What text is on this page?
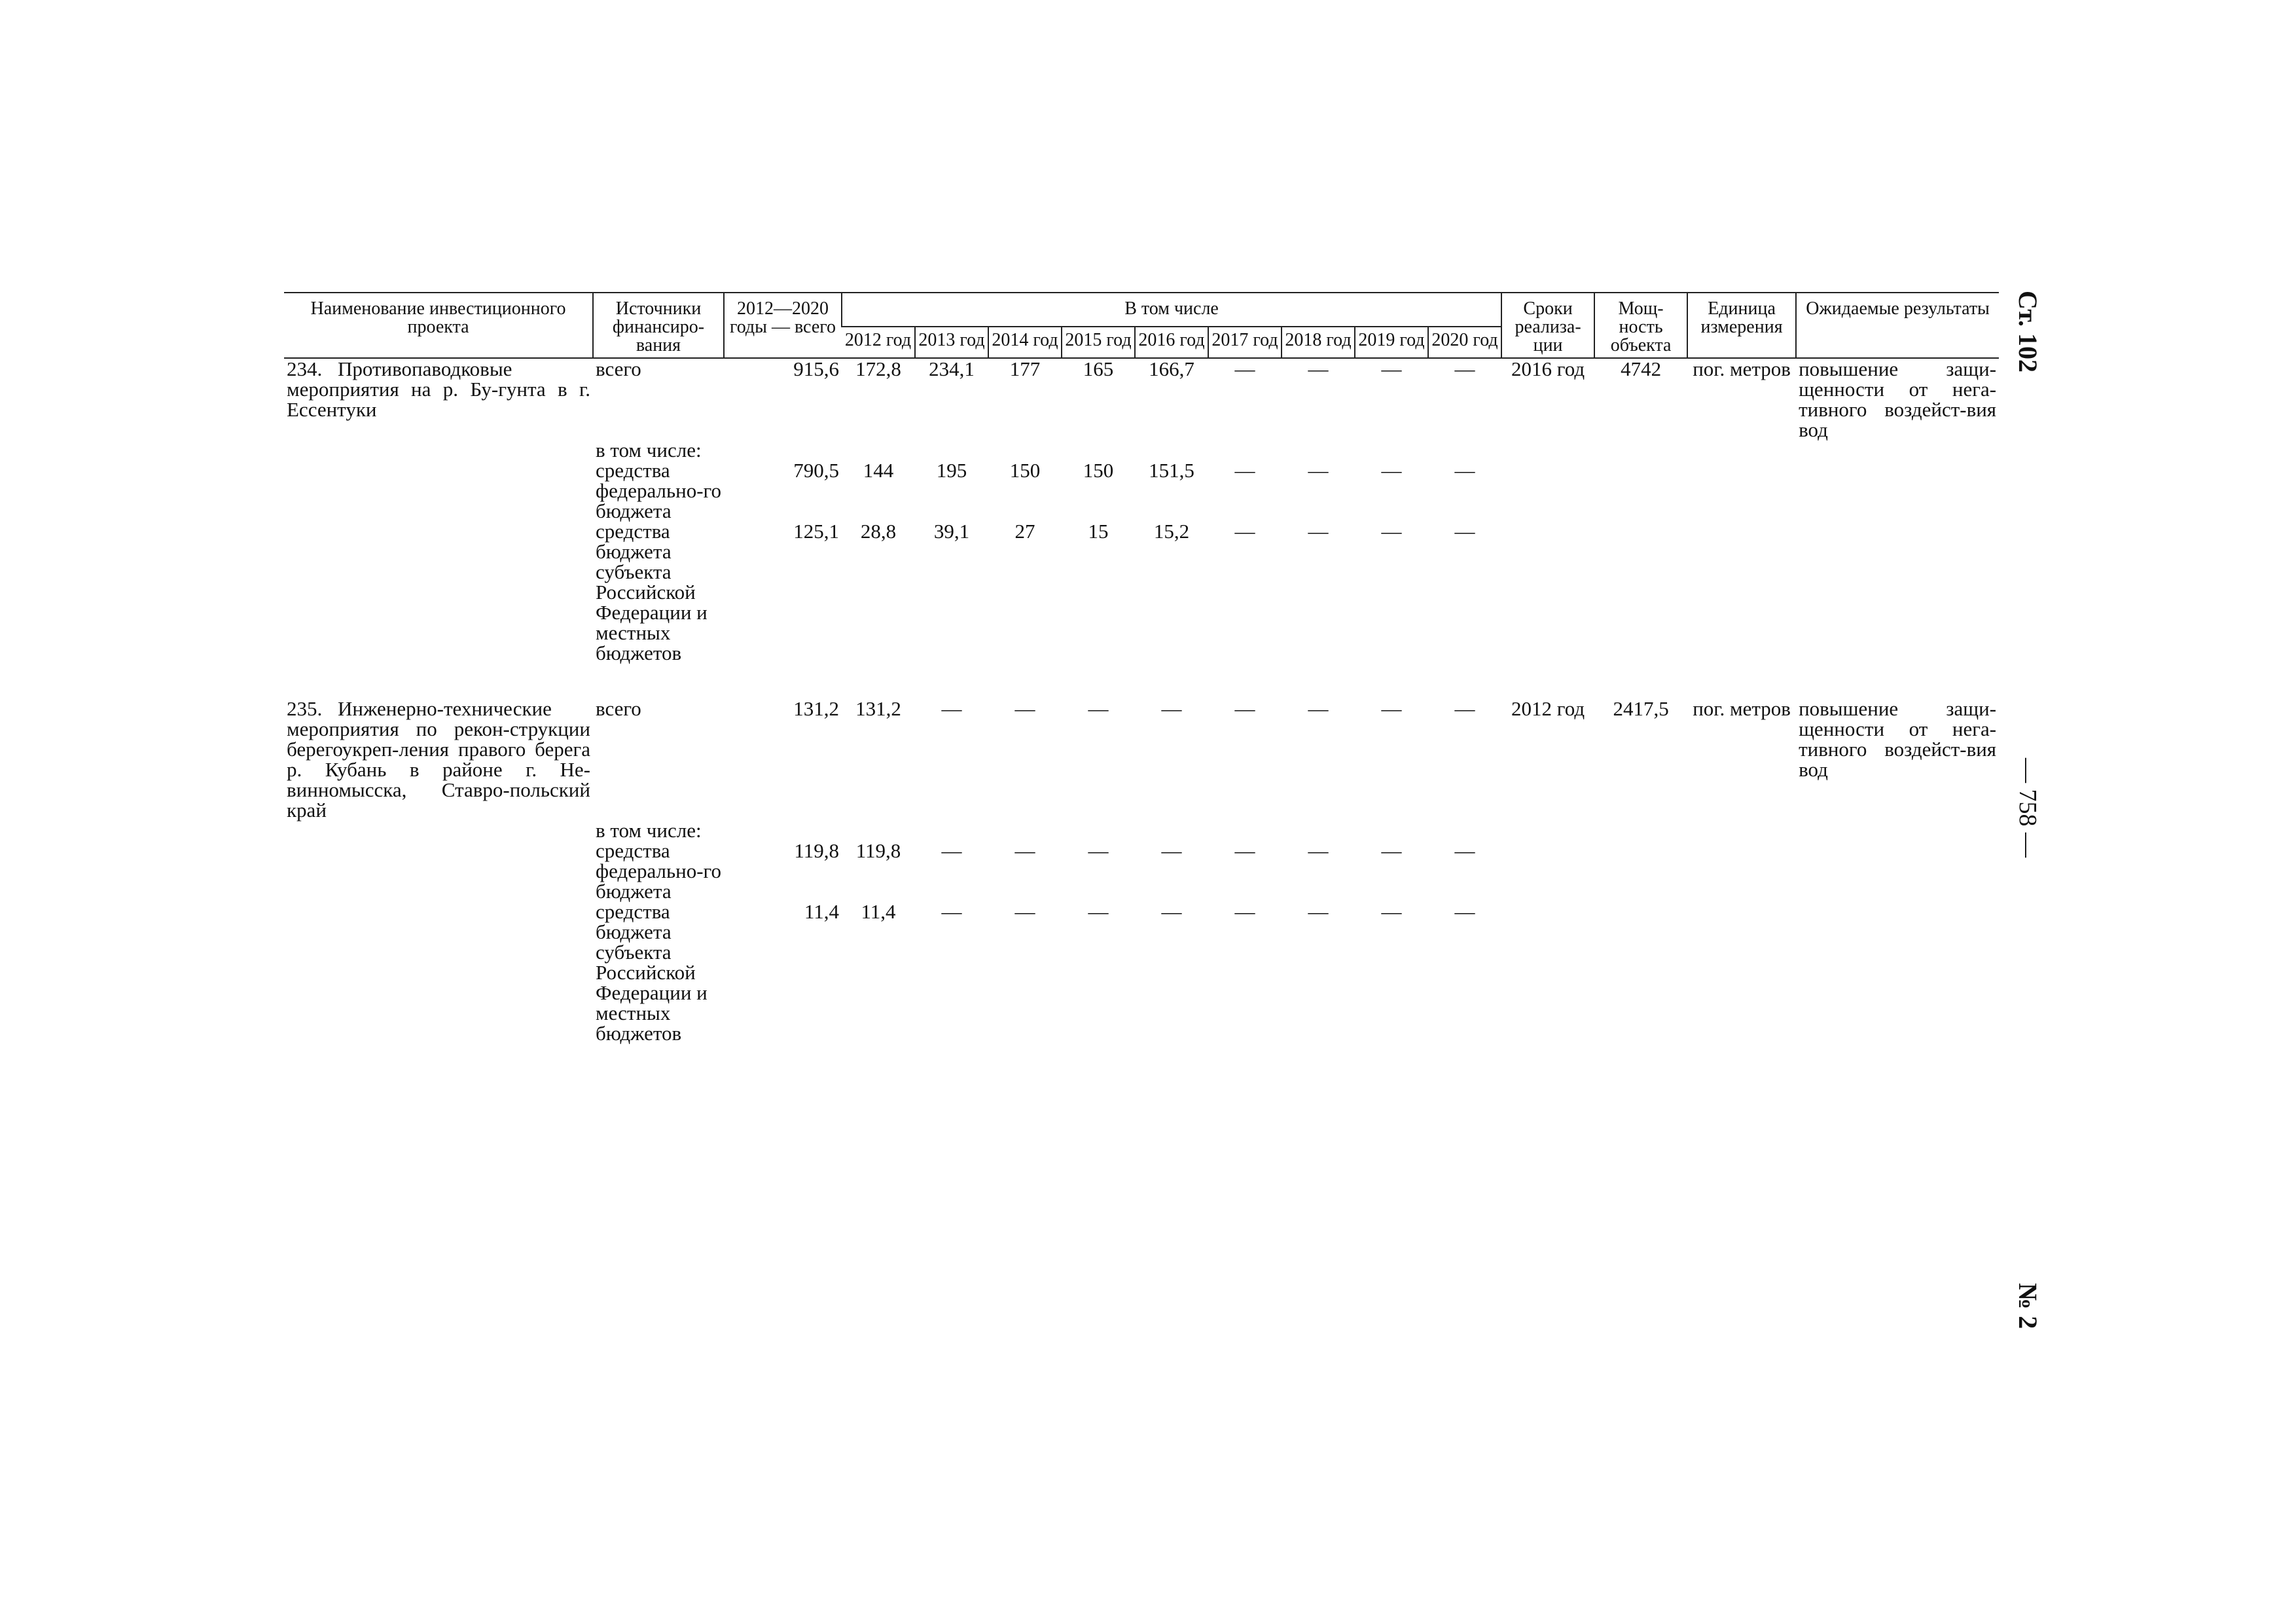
Наименование инвестиционного проекта	Источники финансиро-вания	2012—2020 годы — всего	В том числе									Сроки реализа-ции	Мощ-ность объекта	Единица измерения	Ожидаемые результаты
			2012 год	2013 год	2014 год	2015 год	2016 год	2017 год	2018 год	2019 год	2020 год				
234. Противопаводковые мероприятия на р. Бу-гунта в г. Ессентуки	всего	915,6	172,8	234,1	177	165	166,7	—	—	—	—	2016 год	4742	пог. метров	повышение защи-щенности от нега-тивного воздейст-вия вод
	в том числе:														
	средства федерально-го бюджета	790,5	144	195	150	150	151,5	—	—	—	—				
	средства бюджета субъекта Российской Федерации и местных бюджетов	125,1	28,8	39,1	27	15	15,2	—	—	—	—				
235. Инженерно-технические мероприятия по рекон-струкции берегоукреп-ления правого берега р. Кубань в районе г. Не-винномысска, Ставро-польский край	всего	131,2	131,2	—	—	—	—	—	—	—	—	2012 год	2417,5	пог. метров	повышение защи-щенности от нега-тивного воздейст-вия вод
	в том числе:														
	средства федерально-го бюджета	119,8	119,8	—	—	—	—	—	—	—	—				
	средства бюджета субъекта Российской Федерации и местных бюджетов	11,4	11,4	—	—	—	—	—	—	—	—				
Ст. 102
— 758 —
№ 2
